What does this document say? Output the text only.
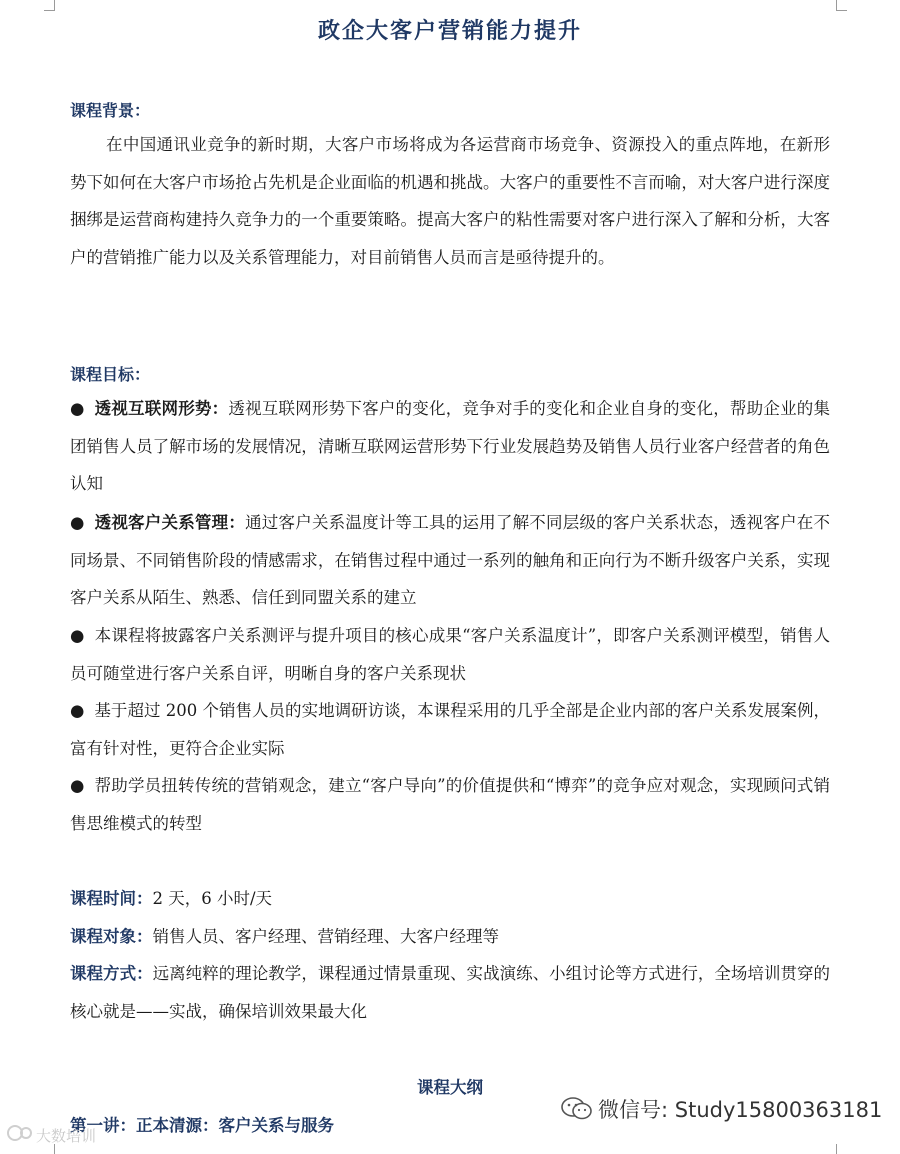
政企大客户营销能力提升
课程背景：
在中国通讯业竞争的新时期，大客户市场将成为各运营商市场竞争、资源投入的重点阵地，在新形势下如何在大客户市场抢占先机是企业面临的机遇和挑战。大客户的重要性不言而喻，对大客户进行深度捆绑是运营商构建持久竞争力的一个重要策略。提高大客户的粘性需要对客户进行深入了解和分析，大客户的营销推广能力以及关系管理能力，对目前销售人员而言是亟待提升的。
课程目标：
● 透视互联网形势：透视互联网形势下客户的变化，竞争对手的变化和企业自身的变化，帮助企业的集团销售人员了解市场的发展情况，清晰互联网运营形势下行业发展趋势及销售人员行业客户经营者的角色认知
● 透视客户关系管理：通过客户关系温度计等工具的运用了解不同层级的客户关系状态，透视客户在不同场景、不同销售阶段的情感需求，在销售过程中通过一系列的触角和正向行为不断升级客户关系，实现客户关系从陌生、熟悉、信任到同盟关系的建立
● 本课程将披露客户关系测评与提升项目的核心成果“客户关系温度计”，即客户关系测评模型，销售人员可随堂进行客户关系自评，明晰自身的客户关系现状
● 基于超过 200 个销售人员的实地调研访谈，本课程采用的几乎全部是企业内部的客户关系发展案例，富有针对性，更符合企业实际
● 帮助学员扭转传统的营销观念，建立“客户导向”的价值提供和“博弈”的竞争应对观念，实现顾问式销售思维模式的转型
课程时间：2 天，6 小时/天
课程对象：销售人员、客户经理、营销经理、大客户经理等
课程方式：远离纯粹的理论教学，课程通过情景重现、实战演练、小组讨论等方式进行，全场培训贯穿的核心就是——实战，确保培训效果最大化
课程大纲
第一讲：正本清源：客户关系与服务
微信号: Study15800363181
大数培训
